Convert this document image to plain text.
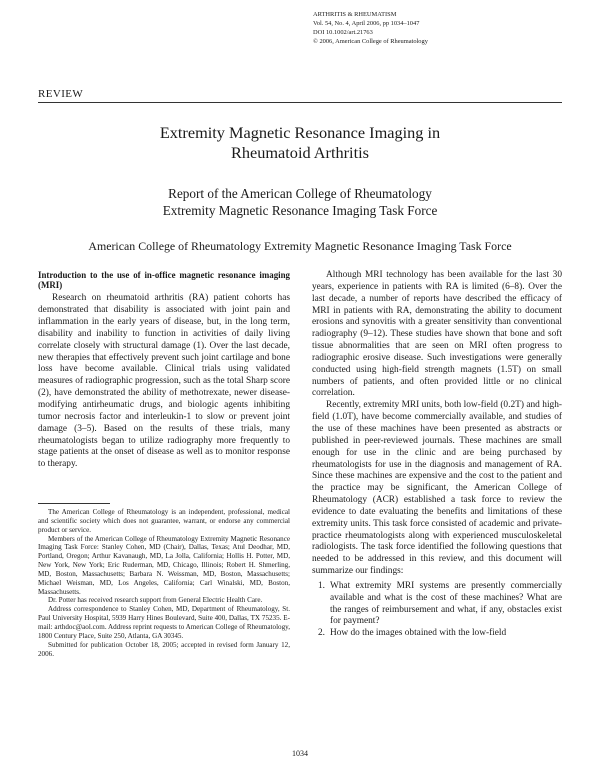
ARTHRITIS & RHEUMATISM
Vol. 54, No. 4, April 2006, pp 1034–1047
DOI 10.1002/art.21763
© 2006, American College of Rheumatology
REVIEW
Extremity Magnetic Resonance Imaging in
Rheumatoid Arthritis
Report of the American College of Rheumatology
Extremity Magnetic Resonance Imaging Task Force
American College of Rheumatology Extremity Magnetic Resonance Imaging Task Force
Introduction to the use of in-office magnetic resonance imaging (MRI)

Research on rheumatoid arthritis (RA) patient cohorts has demonstrated that disability is associated with joint pain and inflammation in the early years of disease, but, in the long term, disability and inability to function in activities of daily living correlate closely with structural damage (1). Over the last decade, new therapies that effectively prevent such joint cartilage and bone loss have become available. Clinical trials using validated measures of radiographic progression, such as the total Sharp score (2), have demonstrated the ability of methotrexate, newer disease-modifying antirheumatic drugs, and biologic agents inhibiting tumor necrosis factor and interleukin-1 to slow or prevent joint damage (3–5). Based on the results of these trials, many rheumatologists began to utilize radiography more frequently to stage patients at the onset of disease as well as to monitor response to therapy.

The American College of Rheumatology is an independent, professional, medical and scientific society which does not guarantee, warrant, or endorse any commercial product or service.

Members of the American College of Rheumatology Extremity Magnetic Resonance Imaging Task Force: Stanley Cohen, MD (Chair), Dallas, Texas; Atul Deodhar, MD, Portland, Oregon; Arthur Kavanaugh, MD, La Jolla, California; Hollis H. Potter, MD, New York, New York; Eric Ruderman, MD, Chicago, Illinois; Robert H. Shmerling, MD, Boston, Massachusetts; Barbara N. Weissman, MD, Boston, Massachusetts; Michael Weisman, MD, Los Angeles, California; Carl Winalski, MD, Boston, Massachusetts.

Dr. Potter has received research support from General Electric Health Care.

Address correspondence to Stanley Cohen, MD, Department of Rheumatology, St. Paul University Hospital, 5939 Harry Hines Boulevard, Suite 400, Dallas, TX 75235. E-mail: arthdoc@aol.com. Address reprint requests to American College of Rheumatology, 1800 Century Place, Suite 250, Atlanta, GA 30345.

Submitted for publication October 18, 2005; accepted in revised form January 12, 2006.

Although MRI technology has been available for the last 30 years, experience in patients with RA is limited (6–8). Over the last decade, a number of reports have described the efficacy of MRI in patients with RA, demonstrating the ability to document erosions and synovitis with a greater sensitivity than conventional radiography (9–12). These studies have shown that bone and soft tissue abnormalities that are seen on MRI often progress to radiographic erosive disease. Such investigations were generally conducted using high-field strength magnets (1.5T) on small numbers of patients, and often provided little or no clinical correlation.

Recently, extremity MRI units, both low-field (0.2T) and high-field (1.0T), have become commercially available, and studies of the use of these machines have been presented as abstracts or published in peer-reviewed journals. These machines are small enough for use in the clinic and are being purchased by rheumatologists for use in the diagnosis and management of RA. Since these machines are expensive and the cost to the patient and the practice may be significant, the American College of Rheumatology (ACR) established a task force to review the evidence to date evaluating the benefits and limitations of these extremity units. This task force consisted of academic and private-practice rheumatologists along with experienced musculoskeletal radiologists. The task force identified the following questions that needed to be addressed in this review, and this document will summarize our findings:

1. What extremity MRI systems are presently commercially available and what is the cost of these machines? What are the ranges of reimbursement and what, if any, obstacles exist for payment?
2. How do the images obtained with the low-field
1034
